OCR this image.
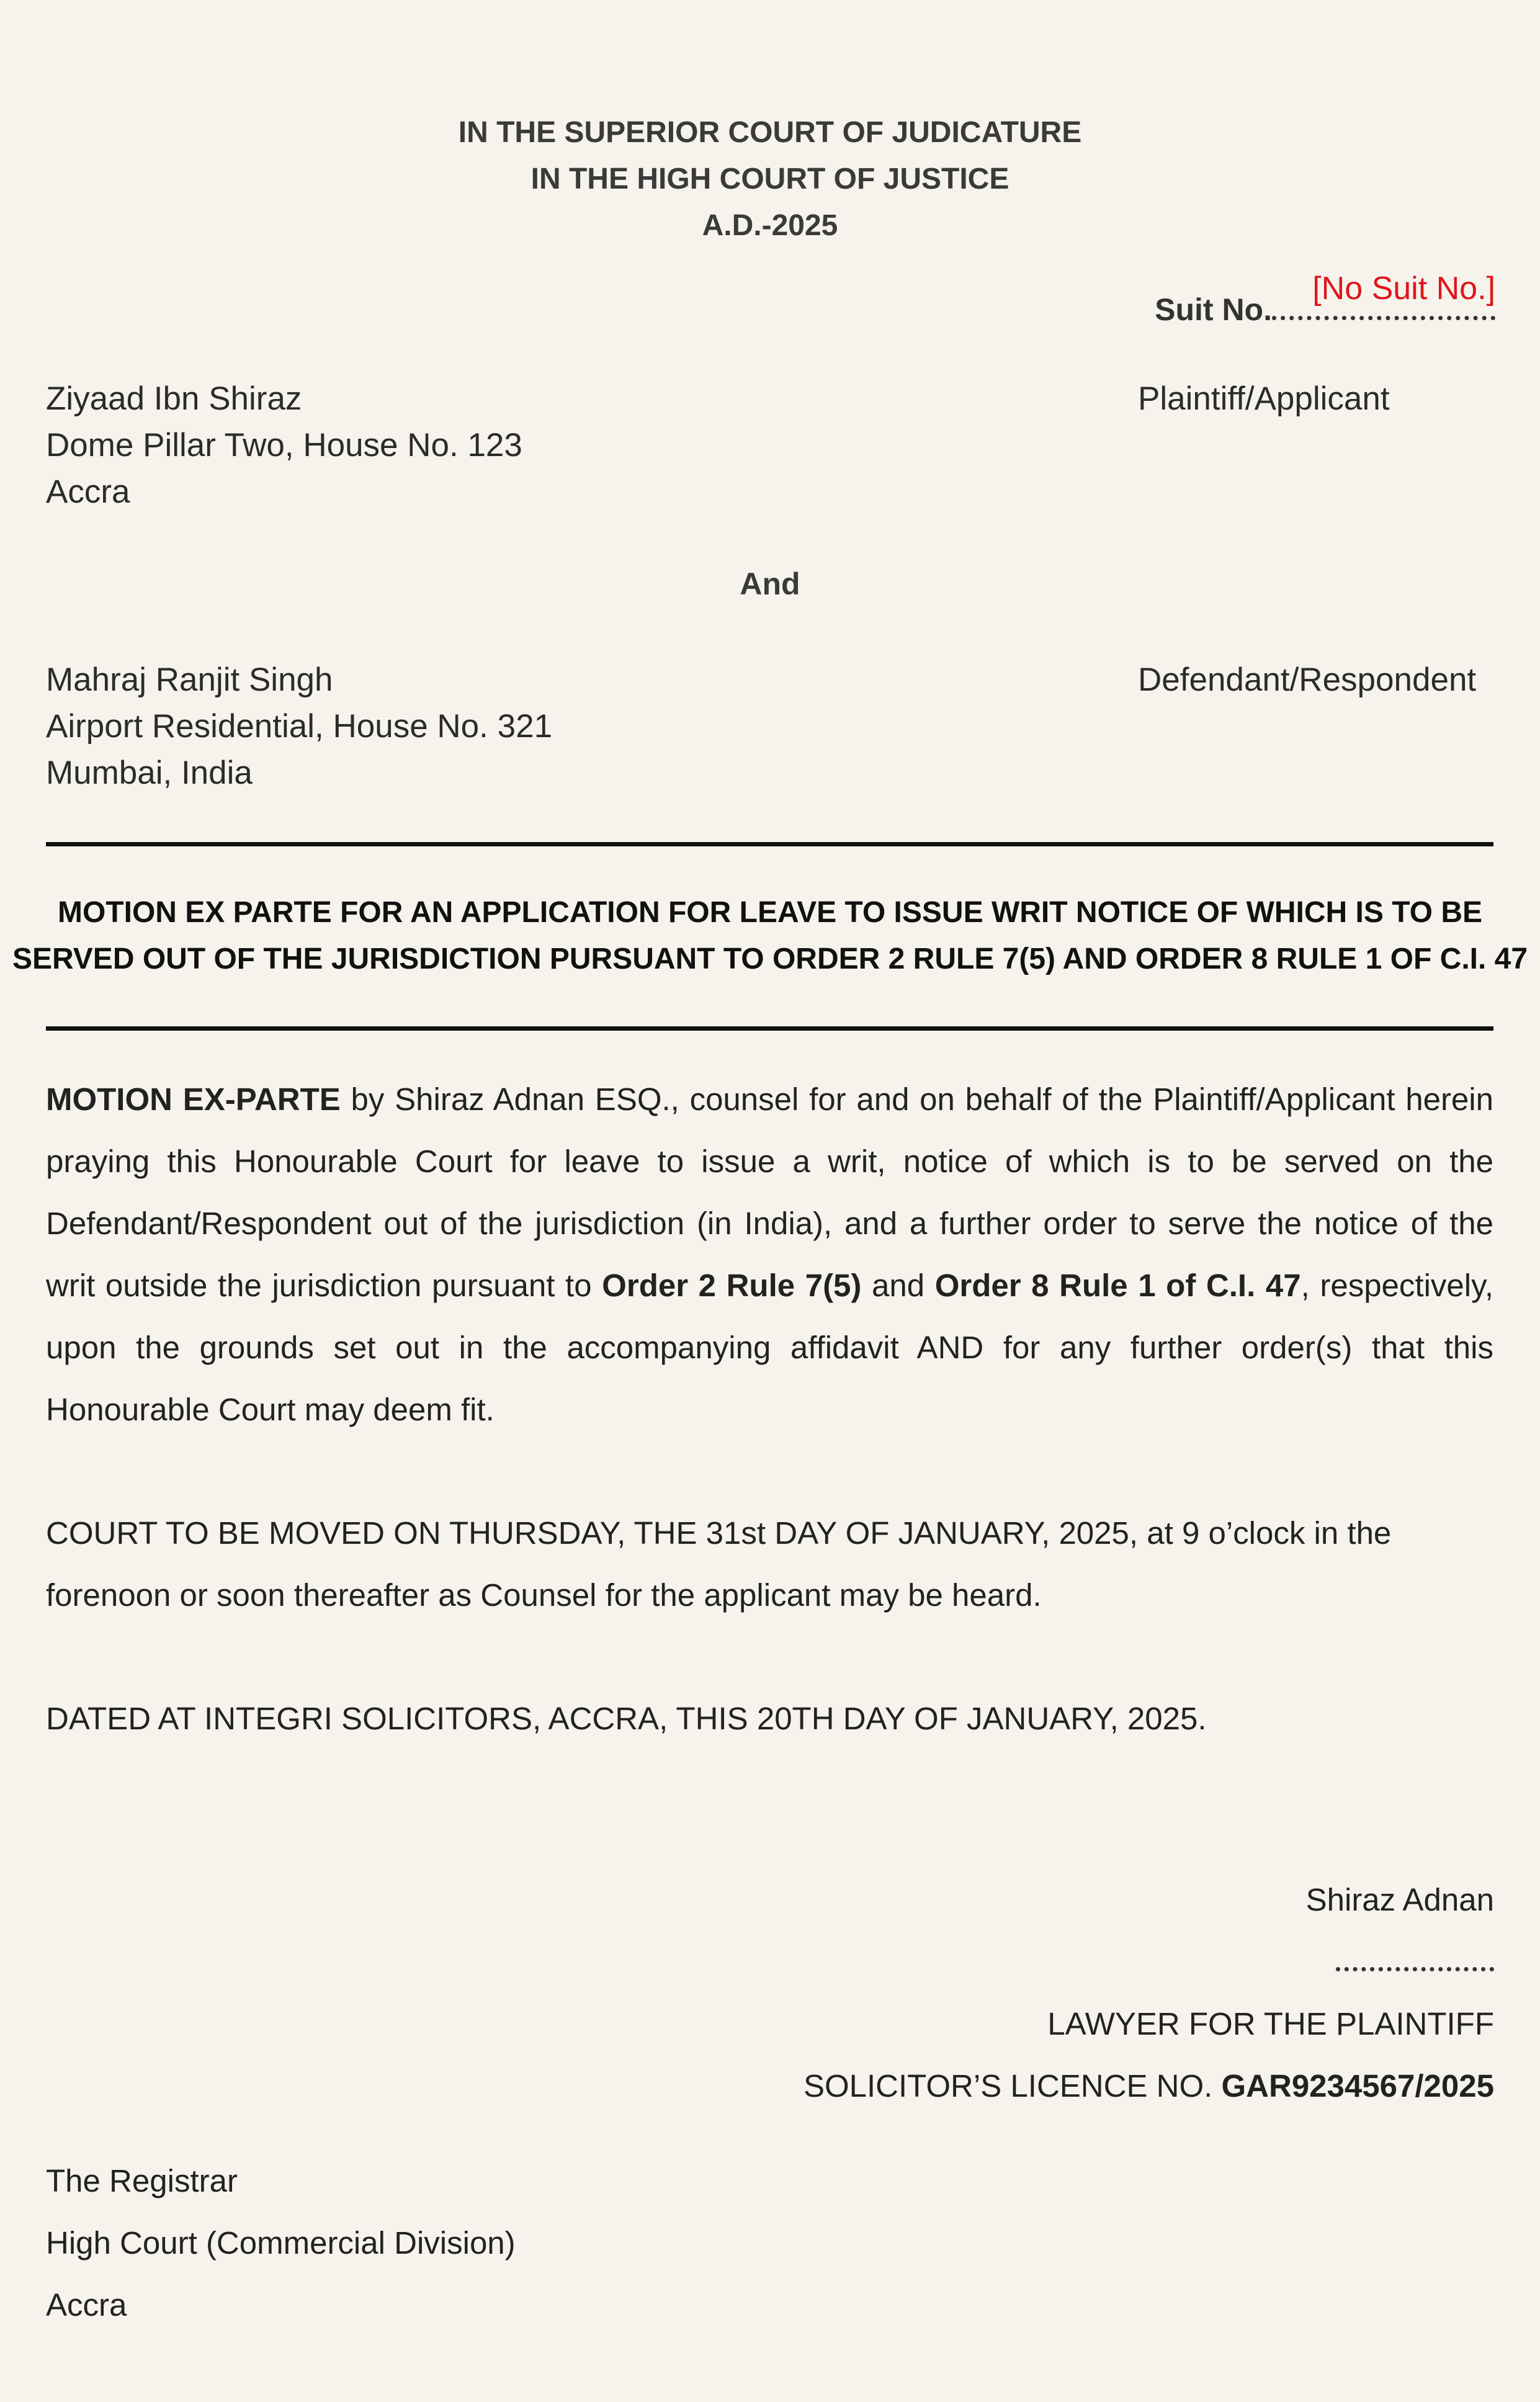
IN THE SUPERIOR COURT OF JUDICATURE
IN THE HIGH COURT OF JUSTICE
A.D.-2025
Suit No.
[No Suit No.]
Ziyaad Ibn Shiraz
Dome Pillar Two, House No. 123
Accra
Plaintiff/Applicant
And
Mahraj Ranjit Singh
Airport Residential, House No. 321
Mumbai, India
Defendant/Respondent
MOTION EX PARTE FOR AN APPLICATION FOR LEAVE TO ISSUE WRIT NOTICE OF WHICH IS TO BE
SERVED OUT OF THE JURISDICTION PURSUANT TO ORDER 2 RULE 7(5) AND ORDER 8 RULE 1 OF C.I. 47
MOTION EX-PARTE by Shiraz Adnan ESQ., counsel for and on behalf of the Plaintiff/Applicant herein praying this Honourable Court for leave to issue a writ, notice of which is to be served on the Defendant/Respondent out of the jurisdiction (in India), and a further order to serve the notice of the writ outside the jurisdiction pursuant to Order 2 Rule 7(5) and Order 8 Rule 1 of C.I. 47, respectively, upon the grounds set out in the accompanying affidavit AND for any further order(s) that this Honourable Court may deem fit.
COURT TO BE MOVED ON THURSDAY, THE 31st DAY OF JANUARY, 2025, at 9 o’clock in the forenoon or soon thereafter as Counsel for the applicant may be heard.
DATED AT INTEGRI SOLICITORS, ACCRA, THIS 20TH DAY OF JANUARY, 2025.
Shiraz Adnan
LAWYER FOR THE PLAINTIFF
SOLICITOR’S LICENCE NO. GAR9234567/2025
The Registrar
High Court (Commercial Division)
Accra
